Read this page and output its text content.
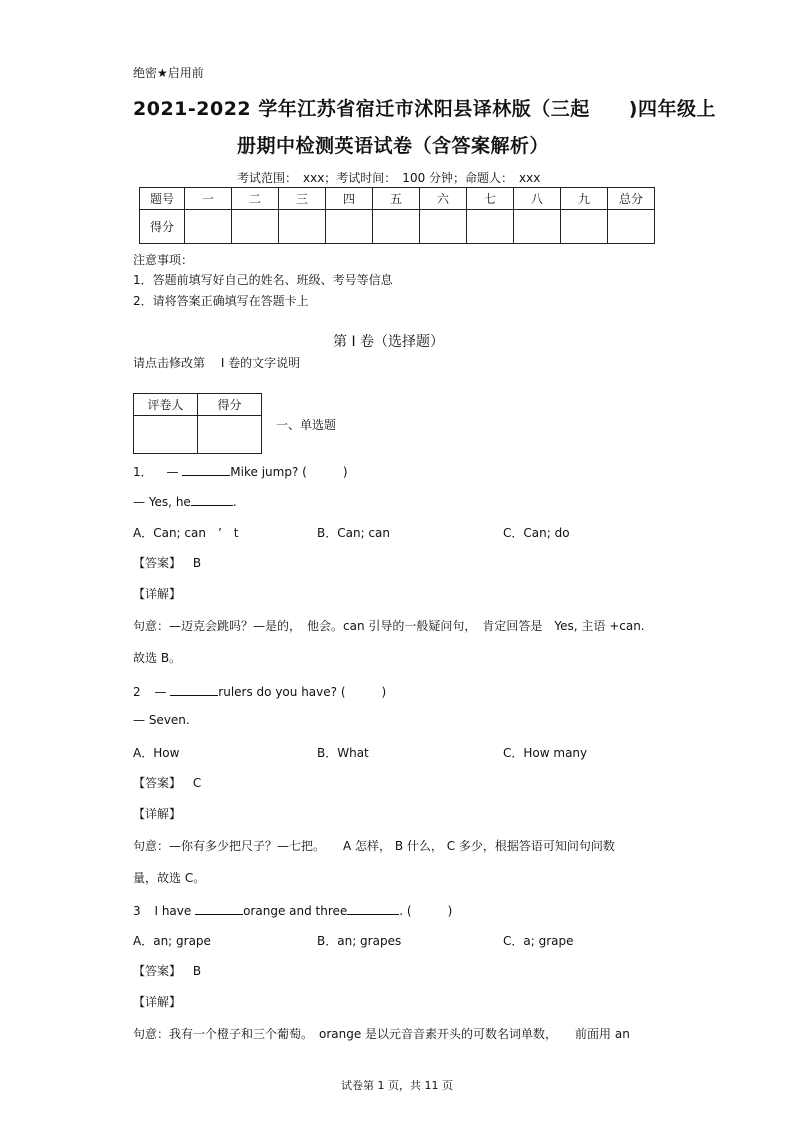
绝密★启用前
2021-2022 学年江苏省宿迁市沭阳县译林版（三起　　)四年级上
册期中检测英语试卷（含答案解析）
考试范围：　xxx；考试时间：　100 分钟；命题人：　xxx
题号	一	二	三	四	五	六	七	八	九	总分
得分										
注意事项：
1．答题前填写好自己的姓名、班级、考号等信息
2．请将答案正确填写在答题卡上
第 I 卷（选择题）
请点击修改第　 I 卷的文字说明
评卷人	得分

一、单选题
1． —	Mike jump? (　　　)
— Yes, he	.
A．Can; can　’　t	B．Can; can	C．Can; do
【答案】 B
【详解】
句意：—迈克会跳吗？—是的，　他会。can 引导的一般疑问句，　肯定回答是　Yes, 主语 +can.
故选 B。
2 —	rulers do you have? (　　　)
— Seven.
A．How	B．What	C．How many
【答案】 C
【详解】
句意：—你有多少把尺子？—七把。　　A 怎样， B 什么， C 多少，根据答语可知问句问数
量，故选 C。
3 I have	orange and three	. (　　　)
A．an; grape	B．an; grapes	C．a; grape
【答案】 B
【详解】
句意：我有一个橙子和三个葡萄。　orange 是以元音音素开头的可数名词单数，　　前面用 an
试卷第 1 页，共 11 页
